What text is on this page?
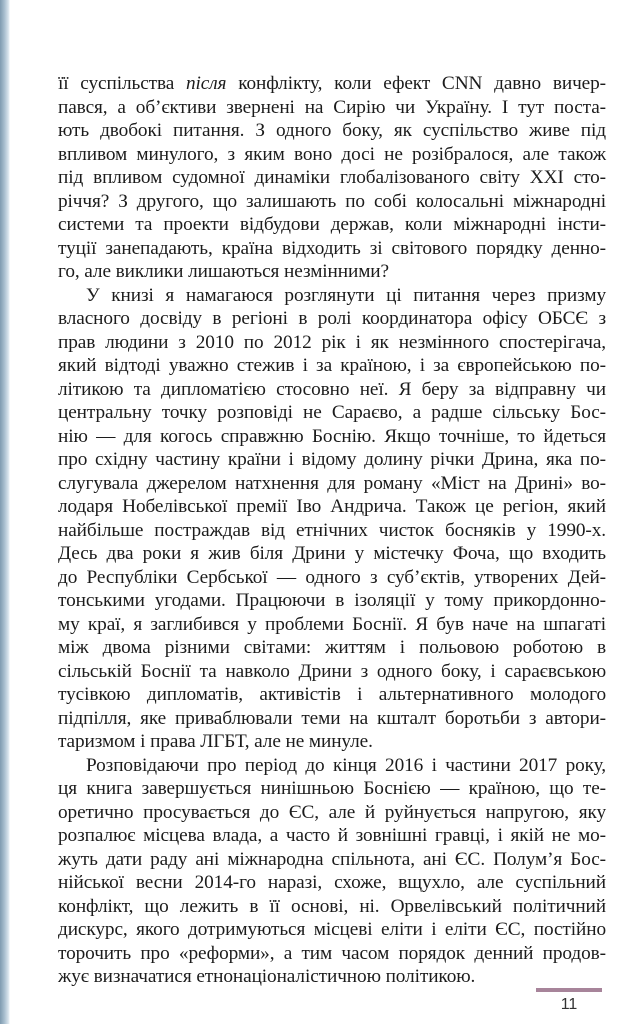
її суспільства після конфлікту, коли ефект CNN давно вичер-
пався, а об’єктиви звернені на Сирію чи Україну. І тут поста-
ють двобокі питання. З одного боку, як суспільство живе під
впливом минулого, з яким воно досі не розібралося, але також
під впливом судомної динаміки глобалізованого світу XXI сто-
річчя? З другого, що залишають по собі колосальні міжнародні
системи та проекти відбудови держав, коли міжнародні інсти-
туції занепадають, країна відходить зі світового порядку денно-
го, але виклики лишаються незмінними?
У книзі я намагаюся розглянути ці питання через призму
власного досвіду в регіоні в ролі координатора офісу ОБСЄ з
прав людини з 2010 по 2012 рік і як незмінного спостерігача,
який відтоді уважно стежив і за країною, і за європейською по-
літикою та дипломатією стосовно неї. Я беру за відправну чи
центральну точку розповіді не Сараєво, а радше сільську Бос-
нію — для когось справжню Боснію. Якщо точніше, то йдеться
про східну частину країни і відому долину річки Дрина, яка по-
слугувала джерелом натхнення для роману «Міст на Дрині» во-
лодаря Нобелівської премії Іво Андрича. Також це регіон, який
найбільше постраждав від етнічних чисток босняків у 1990-х.
Десь два роки я жив біля Дрини у містечку Фоча, що входить
до Республіки Сербської — одного з суб’єктів, утворених Дей-
тонськими угодами. Працюючи в ізоляції у тому прикордонно-
му краї, я заглибився у проблеми Боснії. Я був наче на шпагаті
між двома різними світами: життям і польовою роботою в
сільській Боснії та навколо Дрини з одного боку, і сараєвською
тусівкою дипломатів, активістів і альтернативного молодого
підпілля, яке приваблювали теми на кшталт боротьби з автори-
таризмом і права ЛГБТ, але не минуле.
Розповідаючи про період до кінця 2016 і частини 2017 року,
ця книга завершується нинішньою Боснією — країною, що те-
оретично просувається до ЄС, але й руйнується напругою, яку
розпалює місцева влада, а часто й зовнішні гравці, і якій не мо-
жуть дати раду ані міжнародна спільнота, ані ЄС. Полум’я Бос-
нійської весни 2014-го наразі, схоже, вщухло, але суспільний
конфлікт, що лежить в її основі, ні. Орвелівський політичний
дискурс, якого дотримуються місцеві еліти і еліти ЄС, постійно
торочить про «реформи», а тим часом порядок денний продов-
жує визначатися етнонаціоналістичною політикою.
11
